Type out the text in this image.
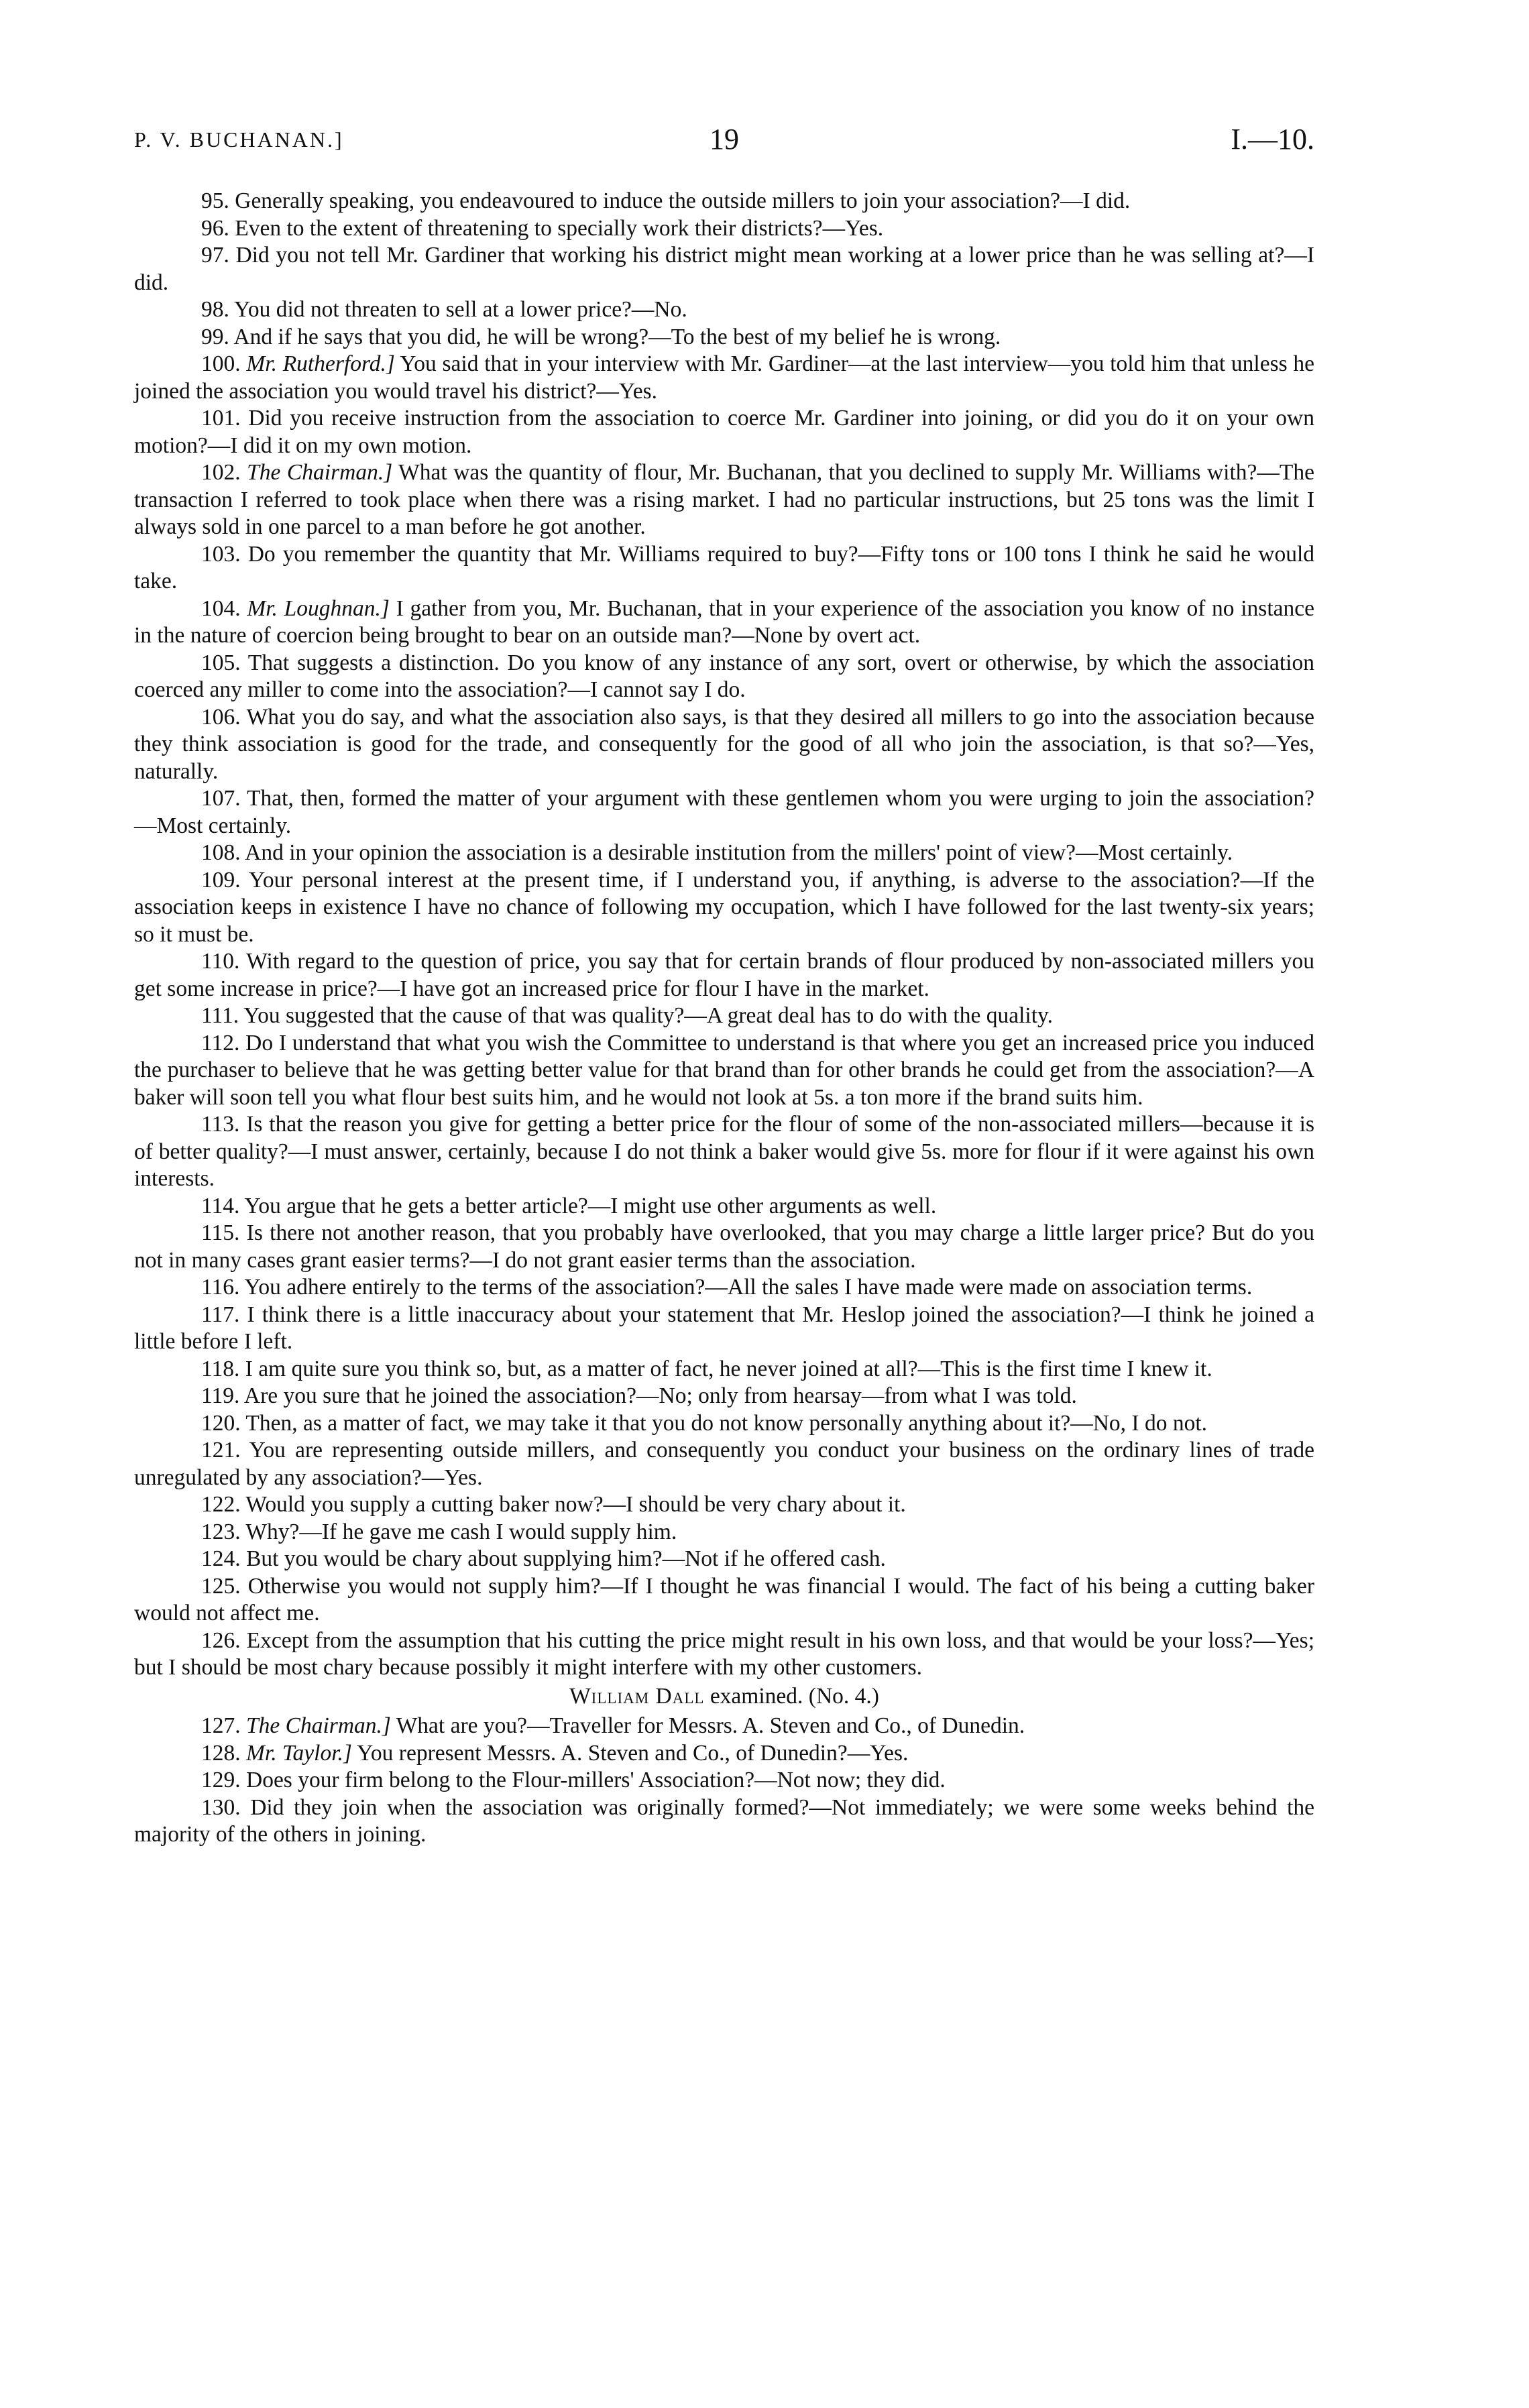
P. V. BUCHANAN.]	19	I.—10.

95. Generally speaking, you endeavoured to induce the outside millers to join your association?—I did.

96. Even to the extent of threatening to specially work their districts?—Yes.

97. Did you not tell Mr. Gardiner that working his district might mean working at a lower price than he was selling at?—I did.

98. You did not threaten to sell at a lower price?—No.

99. And if he says that you did, he will be wrong?—To the best of my belief he is wrong.

100. Mr. Rutherford.] You said that in your interview with Mr. Gardiner—at the last interview—you told him that unless he joined the association you would travel his district?—Yes.

101. Did you receive instruction from the association to coerce Mr. Gardiner into joining, or did you do it on your own motion?—I did it on my own motion.

102. The Chairman.] What was the quantity of flour, Mr. Buchanan, that you declined to supply Mr. Williams with?—The transaction I referred to took place when there was a rising market. I had no particular instructions, but 25 tons was the limit I always sold in one parcel to a man before he got another.

103. Do you remember the quantity that Mr. Williams required to buy?—Fifty tons or 100 tons I think he said he would take.

104. Mr. Loughnan.] I gather from you, Mr. Buchanan, that in your experience of the association you know of no instance in the nature of coercion being brought to bear on an outside man?—None by overt act.

105. That suggests a distinction. Do you know of any instance of any sort, overt or otherwise, by which the association coerced any miller to come into the association?—I cannot say I do.

106. What you do say, and what the association also says, is that they desired all millers to go into the association because they think association is good for the trade, and consequently for the good of all who join the association, is that so?—Yes, naturally.

107. That, then, formed the matter of your argument with these gentlemen whom you were urging to join the association?—Most certainly.

108. And in your opinion the association is a desirable institution from the millers' point of view?—Most certainly.

109. Your personal interest at the present time, if I understand you, if anything, is adverse to the association?—If the association keeps in existence I have no chance of following my occupation, which I have followed for the last twenty-six years; so it must be.

110. With regard to the question of price, you say that for certain brands of flour produced by non-associated millers you get some increase in price?—I have got an increased price for flour I have in the market.

111. You suggested that the cause of that was quality?—A great deal has to do with the quality.

112. Do I understand that what you wish the Committee to understand is that where you get an increased price you induced the purchaser to believe that he was getting better value for that brand than for other brands he could get from the association?—A baker will soon tell you what flour best suits him, and he would not look at 5s. a ton more if the brand suits him.

113. Is that the reason you give for getting a better price for the flour of some of the non-associated millers—because it is of better quality?—I must answer, certainly, because I do not think a baker would give 5s. more for flour if it were against his own interests.

114. You argue that he gets a better article?—I might use other arguments as well.

115. Is there not another reason, that you probably have overlooked, that you may charge a little larger price? But do you not in many cases grant easier terms?—I do not grant easier terms than the association.

116. You adhere entirely to the terms of the association?—All the sales I have made were made on association terms.

117. I think there is a little inaccuracy about your statement that Mr. Heslop joined the association?—I think he joined a little before I left.

118. I am quite sure you think so, but, as a matter of fact, he never joined at all?—This is the first time I knew it.

119. Are you sure that he joined the association?—No; only from hearsay—from what I was told.

120. Then, as a matter of fact, we may take it that you do not know personally anything about it?—No, I do not.

121. You are representing outside millers, and consequently you conduct your business on the ordinary lines of trade unregulated by any association?—Yes.

122. Would you supply a cutting baker now?—I should be very chary about it.

123. Why?—If he gave me cash I would supply him.

124. But you would be chary about supplying him?—Not if he offered cash.

125. Otherwise you would not supply him?—If I thought he was financial I would. The fact of his being a cutting baker would not affect me.

126. Except from the assumption that his cutting the price might result in his own loss, and that would be your loss?—Yes; but I should be most chary because possibly it might interfere with my other customers.

William Dall examined. (No. 4.)

127. The Chairman.] What are you?—Traveller for Messrs. A. Steven and Co., of Dunedin.

128. Mr. Taylor.] You represent Messrs. A. Steven and Co., of Dunedin?—Yes.

129. Does your firm belong to the Flour-millers' Association?—Not now; they did.

130. Did they join when the association was originally formed?—Not immediately; we were some weeks behind the majority of the others in joining.
